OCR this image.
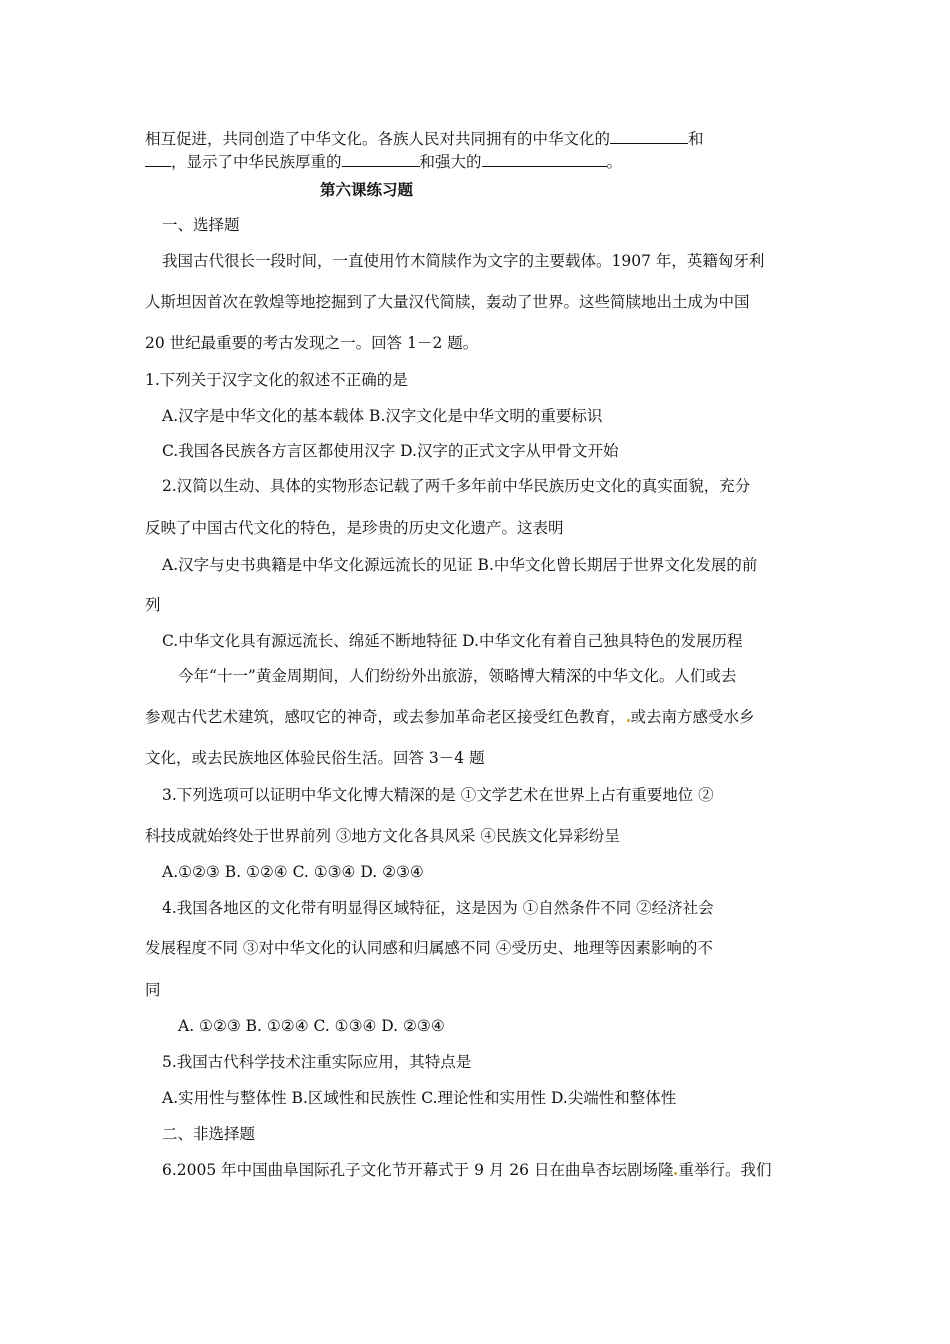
相互促进，共同创造了中华文化。各族人民对共同拥有的中华文化的	和
，显示了中华民族厚重的	和强大的	。
第六课练习题
一、选择题
我国古代很长一段时间，一直使用竹木简牍作为文字的主要载体。1907 年，英籍匈牙利
人斯坦因首次在敦煌等地挖掘到了大量汉代简牍，轰动了世界。这些简牍地出土成为中国
20 世纪最重要的考古发现之一。回答 1－2 题。
1.下列关于汉字文化的叙述不正确的是
A.汉字是中华文化的基本载体 B.汉字文化是中华文明的重要标识
C.我国各民族各方言区都使用汉字 D.汉字的正式文字从甲骨文开始
2.汉简以生动、具体的实物形态记载了两千多年前中华民族历史文化的真实面貌，充分
反映了中国古代文化的特色，是珍贵的历史文化遗产。这表明
A.汉字与史书典籍是中华文化源远流长的见证 B.中华文化曾长期居于世界文化发展的前
列
C.中华文化具有源远流长、绵延不断地特征 D.中华文化有着自己独具特色的发展历程
今年“十一”黄金周期间，人们纷纷外出旅游，领略博大精深的中华文化。人们或去
参观古代艺术建筑，感叹它的神奇，或去参加革命老区接受红色教育， 或去南方感受水乡
文化，或去民族地区体验民俗生活。回答 3－4 题
3.下列选项可以证明中华文化博大精深的是 ①文学艺术在世界上占有重要地位 ②
科技成就始终处于世界前列 ③地方文化各具风采 ④民族文化异彩纷呈
A.①②③ B. ①②④ C. ①③④ D. ②③④
4.我国各地区的文化带有明显得区域特征，这是因为 ①自然条件不同 ②经济社会
发展程度不同 ③对中华文化的认同感和归属感不同 ④受历史、地理等因素影响的不
同
A. ①②③ B. ①②④ C. ①③④ D. ②③④
5.我国古代科学技术注重实际应用，其特点是
A.实用性与整体性 B.区域性和民族性 C.理论性和实用性 D.尖端性和整体性
二、非选择题
6.2005 年中国曲阜国际孔子文化节开幕式于 9 月 26 日在曲阜杏坛剧场隆 重举行。我们
